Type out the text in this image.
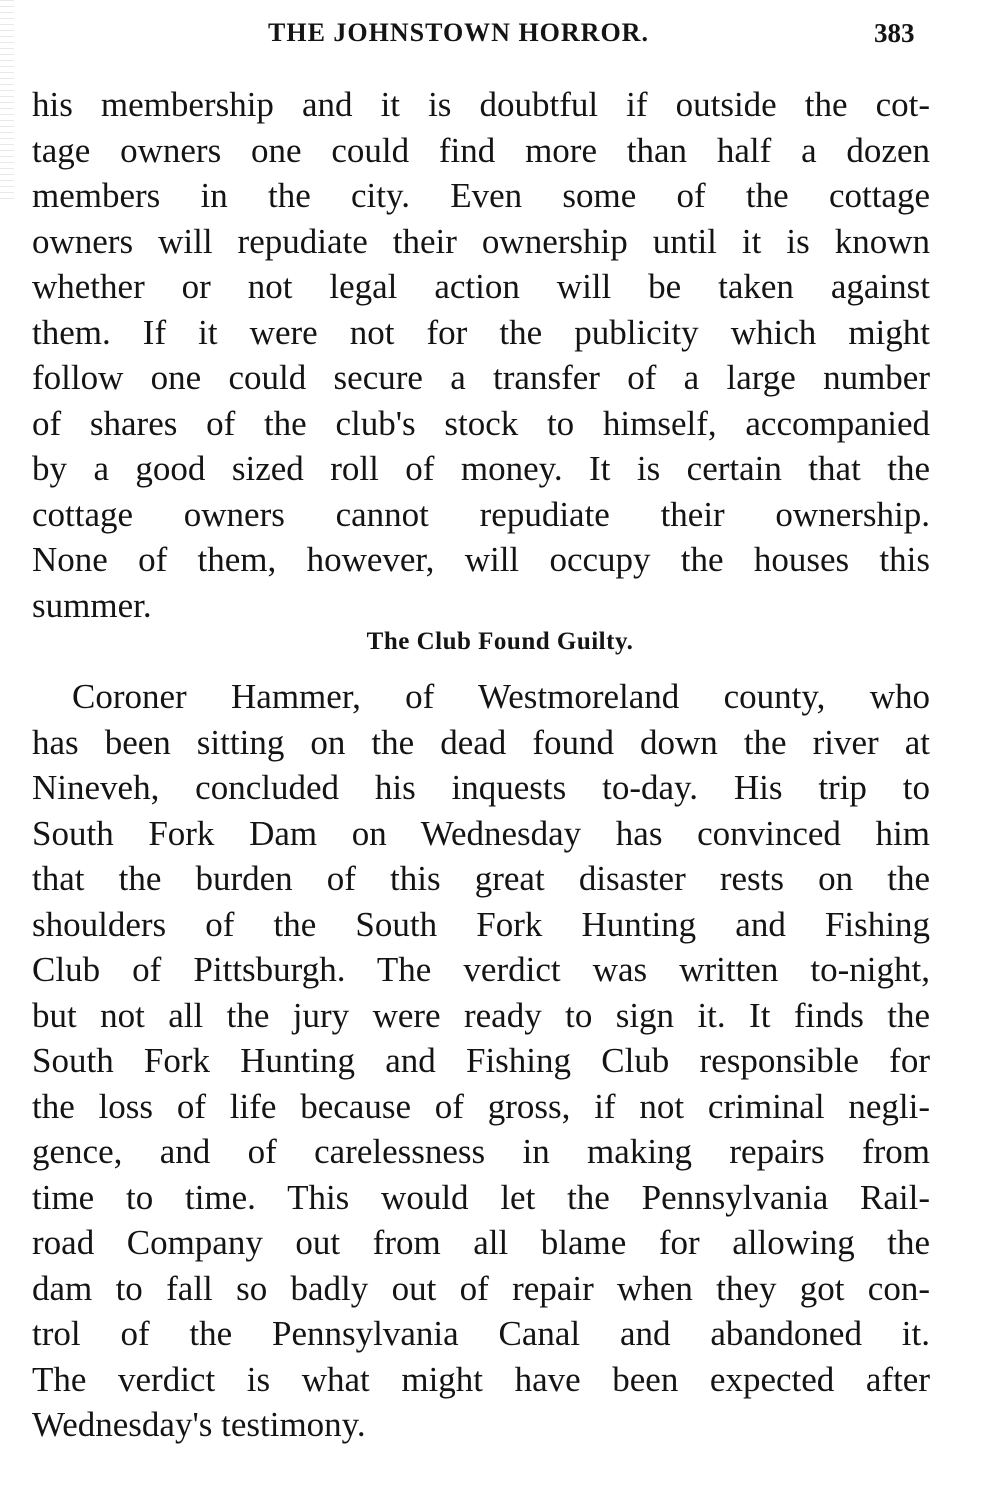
THE JOHNSTOWN HORROR.	383
his membership and it is doubtful if outside the cot-
tage owners one could find more than half a dozen
members in the city. Even some of the cottage
owners will repudiate their ownership until it is known
whether or not legal action will be taken against
them. If it were not for the publicity which might
follow one could secure a transfer of a large number
of shares of the club's stock to himself, accompanied
by a good sized roll of money. It is certain that the
cottage owners cannot repudiate their ownership.
None of them, however, will occupy the houses this
summer.
The Club Found Guilty.
Coroner Hammer, of Westmoreland county, who
has been sitting on the dead found down the river at
Nineveh, concluded his inquests to-day. His trip to
South Fork Dam on Wednesday has convinced him
that the burden of this great disaster rests on the
shoulders of the South Fork Hunting and Fishing
Club of Pittsburgh. The verdict was written to-night,
but not all the jury were ready to sign it. It finds the
South Fork Hunting and Fishing Club responsible for
the loss of life because of gross, if not criminal negli-
gence, and of carelessness in making repairs from
time to time. This would let the Pennsylvania Rail-
road Company out from all blame for allowing the
dam to fall so badly out of repair when they got con-
trol of the Pennsylvania Canal and abandoned it.
The verdict is what might have been expected after
Wednesday's testimony.
